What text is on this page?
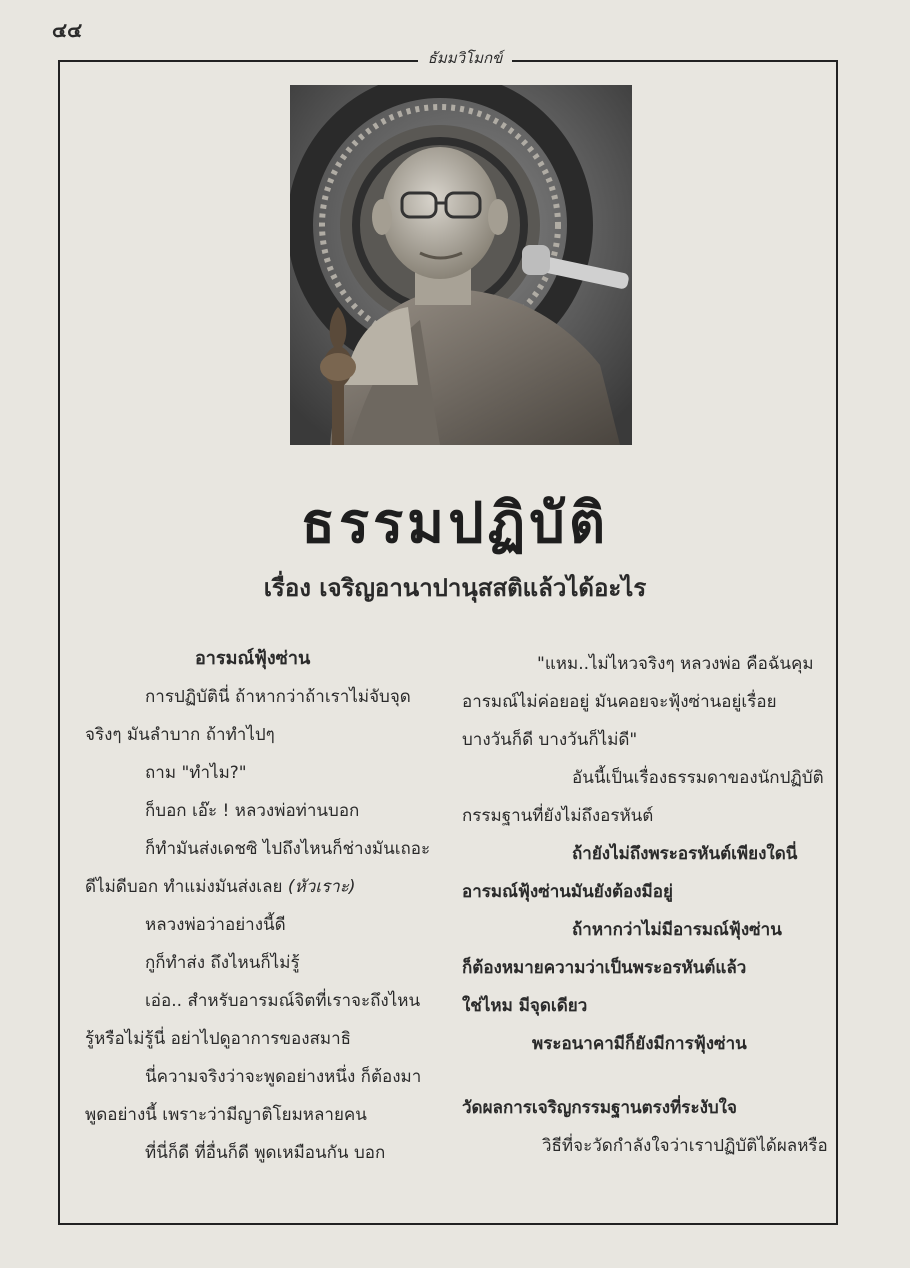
๔๔
ธัมมวิโมกข์
ธรรมปฏิบัติ
เรื่อง เจริญอานาปานุสสติแล้วได้อะไร
อารมณ์ฟุ้งซ่าน
การปฏิบัตินี่ ถ้าหากว่าถ้าเราไม่จับจุด
จริงๆ มันลำบาก ถ้าทำไปๆ
ถาม "ทำไม?"
ก็บอก เอ๊ะ ! หลวงพ่อท่านบอก
ก็ทำมันส่งเดชซิ ไปถึงไหนก็ช่างมันเถอะ
ดีไม่ดีบอก ทำแม่งมันส่งเลย (หัวเราะ)
หลวงพ่อว่าอย่างนี้ดี
กูก็ทำส่ง ถึงไหนก็ไม่รู้
เอ่อ.. สำหรับอารมณ์จิตที่เราจะถึงไหน
รู้หรือไม่รู้นี่ อย่าไปดูอาการของสมาธิ
นี่ความจริงว่าจะพูดอย่างหนึ่ง ก็ต้องมา
พูดอย่างนี้ เพราะว่ามีญาติโยมหลายคน
ที่นี่ก็ดี ที่อื่นก็ดี พูดเหมือนกัน บอก
"แหม..ไม่ไหวจริงๆ หลวงพ่อ คือฉันคุม
อารมณ์ไม่ค่อยอยู่ มันคอยจะฟุ้งซ่านอยู่เรื่อย
บางวันก็ดี บางวันก็ไม่ดี"
อันนี้เป็นเรื่องธรรมดาของนักปฏิบัติ
กรรมฐานที่ยังไม่ถึงอรหันต์
ถ้ายังไม่ถึงพระอรหันต์เพียงใดนี่
อารมณ์ฟุ้งซ่านมันยังต้องมีอยู่
ถ้าหากว่าไม่มีอารมณ์ฟุ้งซ่าน
ก็ต้องหมายความว่าเป็นพระอรหันต์แล้ว
ใช่ไหม มีจุดเดียว
พระอนาคามีก็ยังมีการฟุ้งซ่าน
วัดผลการเจริญกรรมฐานตรงที่ระงับใจ
วิธีที่จะวัดกำลังใจว่าเราปฏิบัติได้ผลหรือ
